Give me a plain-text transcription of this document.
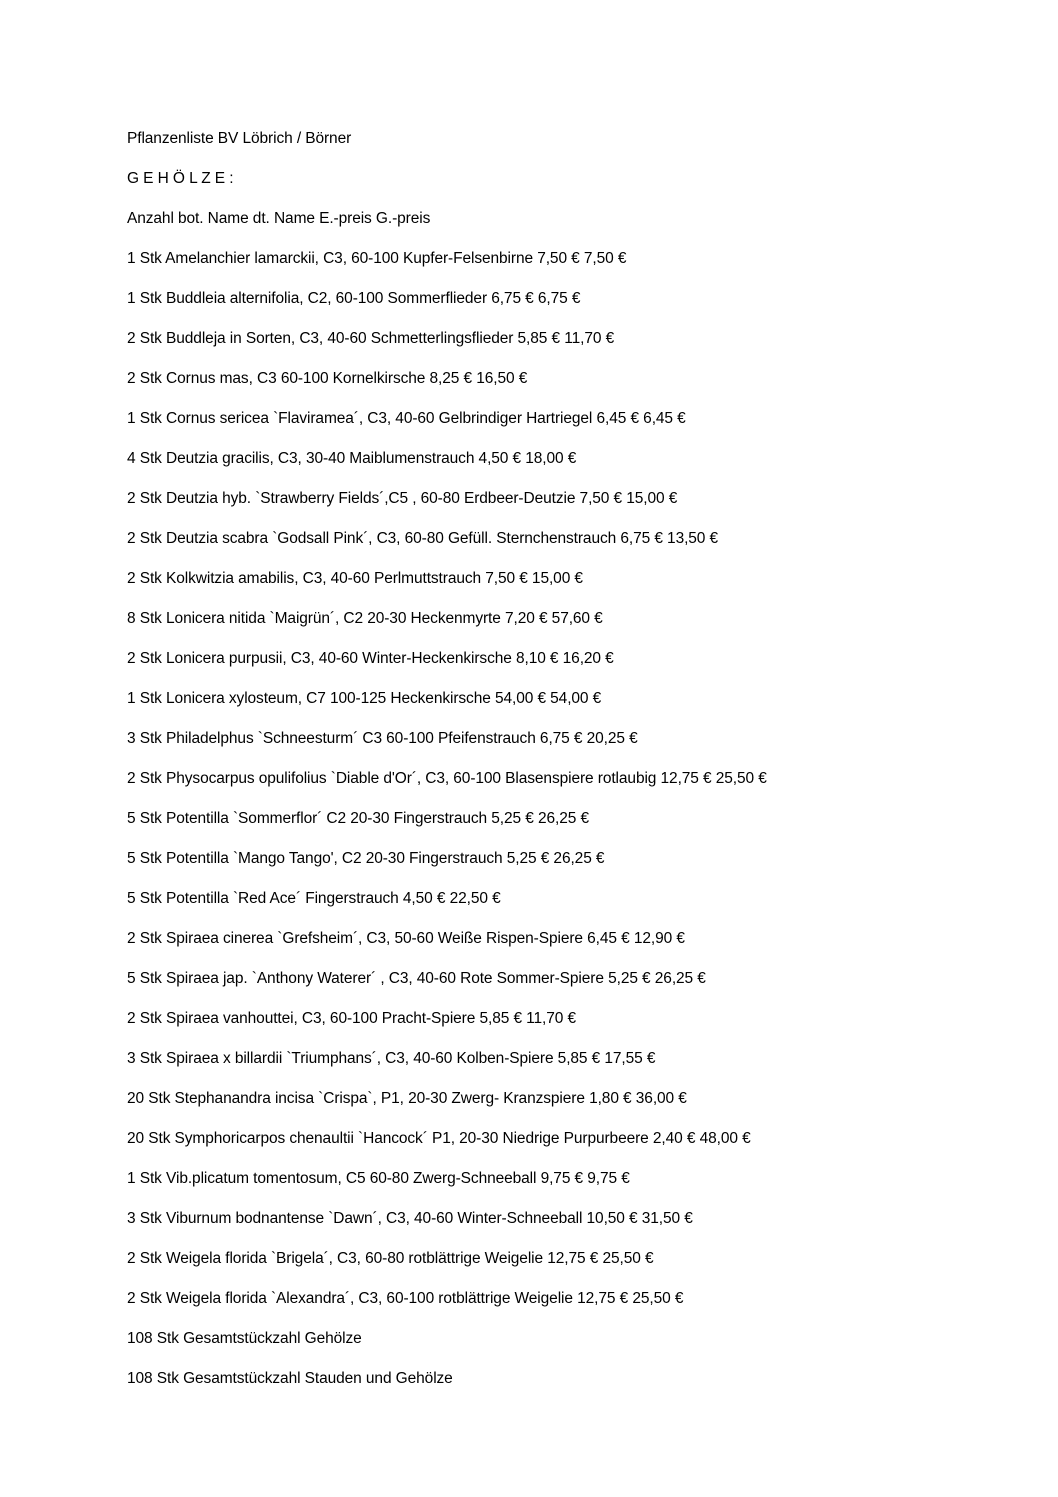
Pflanzenliste BV Löbrich / Börner
G E H Ö L Z E :
Anzahl bot. Name dt. Name E.-preis G.-preis
1 Stk Amelanchier lamarckii, C3, 60-100 Kupfer-Felsenbirne 7,50 € 7,50 €
1 Stk Buddleia alternifolia, C2, 60-100 Sommerflieder 6,75 € 6,75 €
2 Stk Buddleja in Sorten, C3, 40-60 Schmetterlingsflieder 5,85 € 11,70 €
2 Stk Cornus mas, C3 60-100 Kornelkirsche 8,25 € 16,50 €
1 Stk Cornus sericea `Flaviramea´, C3, 40-60 Gelbrindiger Hartriegel 6,45 € 6,45 €
4 Stk Deutzia gracilis, C3, 30-40 Maiblumenstrauch 4,50 € 18,00 €
2 Stk Deutzia hyb. `Strawberry Fields´,C5 , 60-80 Erdbeer-Deutzie 7,50 € 15,00 €
2 Stk Deutzia scabra `Godsall Pink´, C3, 60-80 Gefüll. Sternchenstrauch 6,75 € 13,50 €
2 Stk Kolkwitzia amabilis, C3, 40-60 Perlmuttstrauch 7,50 € 15,00 €
8 Stk Lonicera nitida `Maigrün´, C2 20-30 Heckenmyrte 7,20 € 57,60 €
2 Stk Lonicera purpusii, C3, 40-60 Winter-Heckenkirsche 8,10 € 16,20 €
1 Stk Lonicera xylosteum, C7 100-125 Heckenkirsche 54,00 € 54,00 €
3 Stk Philadelphus `Schneesturm´ C3 60-100 Pfeifenstrauch 6,75 € 20,25 €
2 Stk Physocarpus opulifolius `Diable d'Or´, C3, 60-100 Blasenspiere rotlaubig 12,75 € 25,50 €
5 Stk Potentilla `Sommerflor´ C2 20-30 Fingerstrauch 5,25 € 26,25 €
5 Stk Potentilla `Mango Tango', C2 20-30 Fingerstrauch 5,25 € 26,25 €
5 Stk Potentilla `Red Ace´ Fingerstrauch 4,50 € 22,50 €
2 Stk Spiraea cinerea `Grefsheim´, C3, 50-60 Weiße Rispen-Spiere 6,45 € 12,90 €
5 Stk Spiraea jap. `Anthony Waterer´ , C3, 40-60 Rote Sommer-Spiere 5,25 € 26,25 €
2 Stk Spiraea vanhouttei, C3, 60-100 Pracht-Spiere 5,85 € 11,70 €
3 Stk Spiraea x billardii `Triumphans´, C3, 40-60 Kolben-Spiere 5,85 € 17,55 €
20 Stk Stephanandra incisa `Crispa`, P1, 20-30 Zwerg- Kranzspiere 1,80 € 36,00 €
20 Stk Symphoricarpos chenaultii `Hancock´ P1, 20-30 Niedrige Purpurbeere 2,40 € 48,00 €
1 Stk Vib.plicatum tomentosum, C5 60-80 Zwerg-Schneeball 9,75 € 9,75 €
3 Stk Viburnum bodnantense `Dawn´, C3, 40-60 Winter-Schneeball 10,50 € 31,50 €
2 Stk Weigela florida `Brigela´, C3, 60-80 rotblättrige Weigelie 12,75 € 25,50 €
2 Stk Weigela florida `Alexandra´, C3, 60-100 rotblättrige Weigelie 12,75 € 25,50 €
108 Stk Gesamtstückzahl Gehölze
108 Stk Gesamtstückzahl Stauden und Gehölze
